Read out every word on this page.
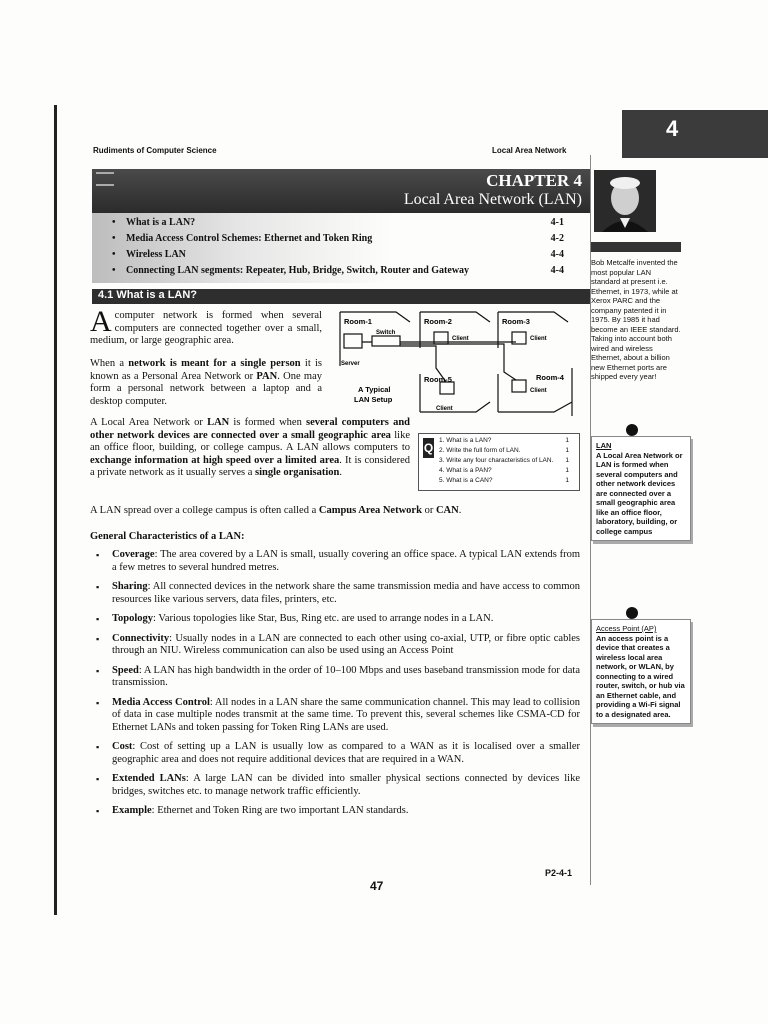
Rudiments of Computer Science	Local Area Network
4
CHAPTER 4
Local Area Network (LAN)
• What is a LAN?	4-1
• Media Access Control Schemes: Ethernet and Token Ring	4-2
• Wireless LAN	4-4
• Connecting LAN segments: Repeater, Hub, Bridge, Switch, Router and Gateway	4-4
4.1 What is a LAN?
Acomputer network is formed when several computers are connected together over a small, medium, or large geographic area.
When a network is meant for a single person it is known as a Personal Area Network or PAN. One may form a personal network between a laptop and a desktop computer.
Room-1	Room-2	Room-3
Room-5	Room-4
Switch
Server
Client	Client
Client
Client
A Typical
LAN Setup
A Local Area Network or LAN is formed when several computers and other network devices are connected over a small geographic area like an office floor, building, or college campus. A LAN allows computers to exchange information at high speed over a limited area. It is considered a private network as it usually serves a single organisation.
Q
1. What is a LAN?	1
2. Write the full form of LAN.	1
3. Write any four characteristics of LAN. 1
4. What is a PAN?	1
5. What is a CAN?	1
A LAN spread over a college campus is often called a Campus Area Network or CAN.
General Characteristics of a LAN:
▪ Coverage: The area covered by a LAN is small, usually covering an office space. A typical LAN extends from a few metres to several hundred metres.
▪ Sharing: All connected devices in the network share the same transmission media and have access to common resources like various servers, data files, printers, etc.
▪ Topology: Various topologies like Star, Bus, Ring etc. are used to arrange nodes in a LAN.
▪ Connectivity: Usually nodes in a LAN are connected to each other using co-axial, UTP, or fibre optic cables through an NIU. Wireless communication can also be used using an Access Point
▪ Speed: A LAN has high bandwidth in the order of 10–100 Mbps and uses baseband transmission mode for data transmission.
▪ Media Access Control: All nodes in a LAN share the same communication channel. This may lead to collision of data in case multiple nodes transmit at the same time. To prevent this, several schemes like CSMA-CD for Ethernet LANs and token passing for Token Ring LANs are used.
▪ Cost: Cost of setting up a LAN is usually low as compared to a WAN as it is localised over a smaller geographic area and does not require additional devices that are required in a WAN.
▪ Extended LANs: A large LAN can be divided into smaller physical sections connected by devices like bridges, switches etc. to manage network traffic efficiently.
▪ Example: Ethernet and Token Ring are two important LAN standards.
Bob Metcalfe invented the most popular LAN standard at present i.e. Ethernet, in 1973, while at Xerox PARC and the company patented it in 1975. By 1985 it had become an IEEE standard. Taking into account both wired and wireless Ethernet, about a billion new Ethernet ports are shipped every year!
LAN
A Local Area Network or LAN is formed when several computers and other network devices are connected over a small geographic area like an office floor, laboratory, building, or college campus
Access Point (AP)
An access point is a device that creates a wireless local area network, or WLAN, by connecting to a wired router, switch, or hub via an Ethernet cable, and providing a Wi-Fi signal to a designated area.
P2-4-1
47
